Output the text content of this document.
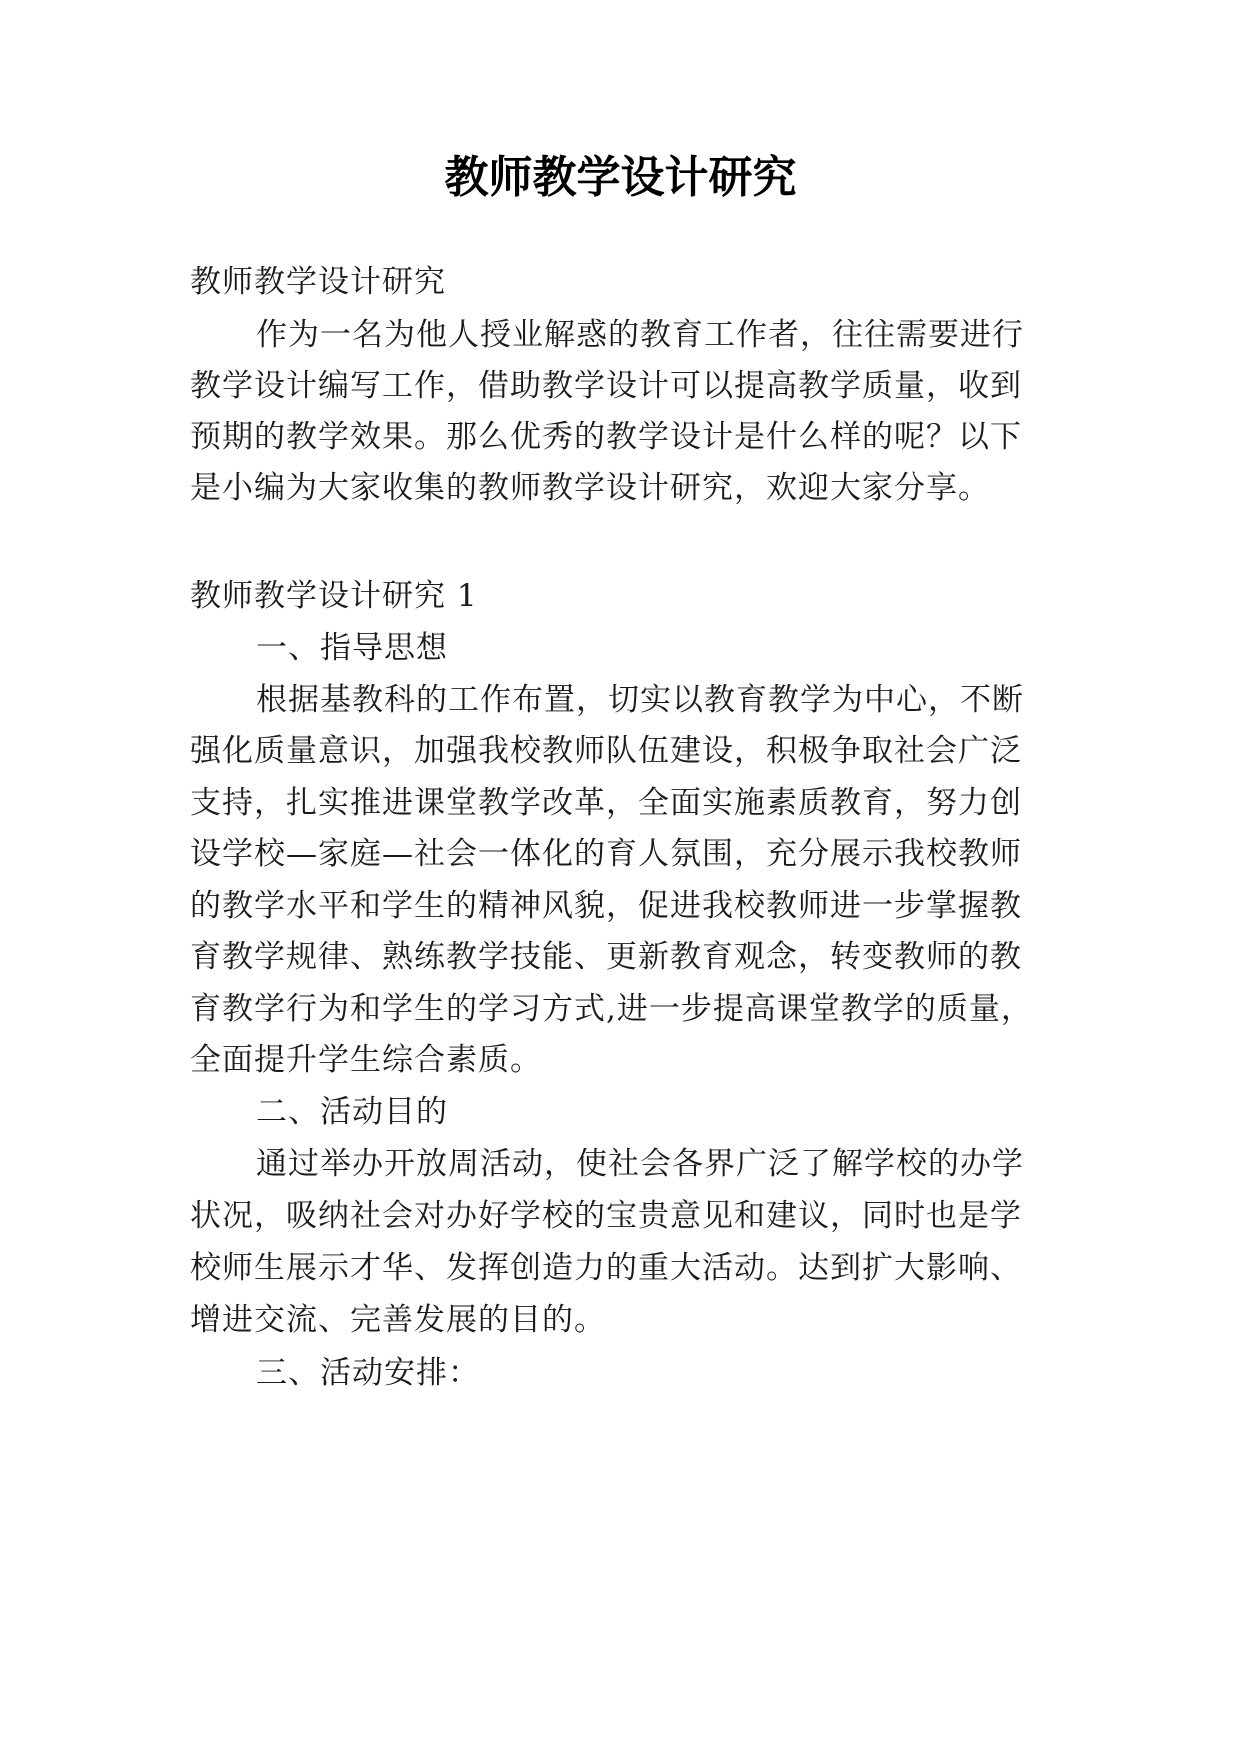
教师教学设计研究
教师教学设计研究
作为一名为他人授业解惑的教育工作者，往往需要进行
教学设计编写工作，借助教学设计可以提高教学质量，收到
预期的教学效果。那么优秀的教学设计是什么样的呢？以下
是小编为大家收集的教师教学设计研究，欢迎大家分享。
教师教学设计研究 1
一、指导思想
根据基教科的工作布置，切实以教育教学为中心，不断
强化质量意识，加强我校教师队伍建设，积极争取社会广泛
支持，扎实推进课堂教学改革，全面实施素质教育，努力创
设学校—家庭—社会一体化的育人氛围，充分展示我校教师
的教学水平和学生的精神风貌，促进我校教师进一步掌握教
育教学规律、熟练教学技能、更新教育观念，转变教师的教
育教学行为和学生的学习方式,进一步提高课堂教学的质量，
全面提升学生综合素质。
二、活动目的
通过举办开放周活动，使社会各界广泛了解学校的办学
状况，吸纳社会对办好学校的宝贵意见和建议，同时也是学
校师生展示才华、发挥创造力的重大活动。达到扩大影响、
增进交流、完善发展的目的。
三、活动安排：
